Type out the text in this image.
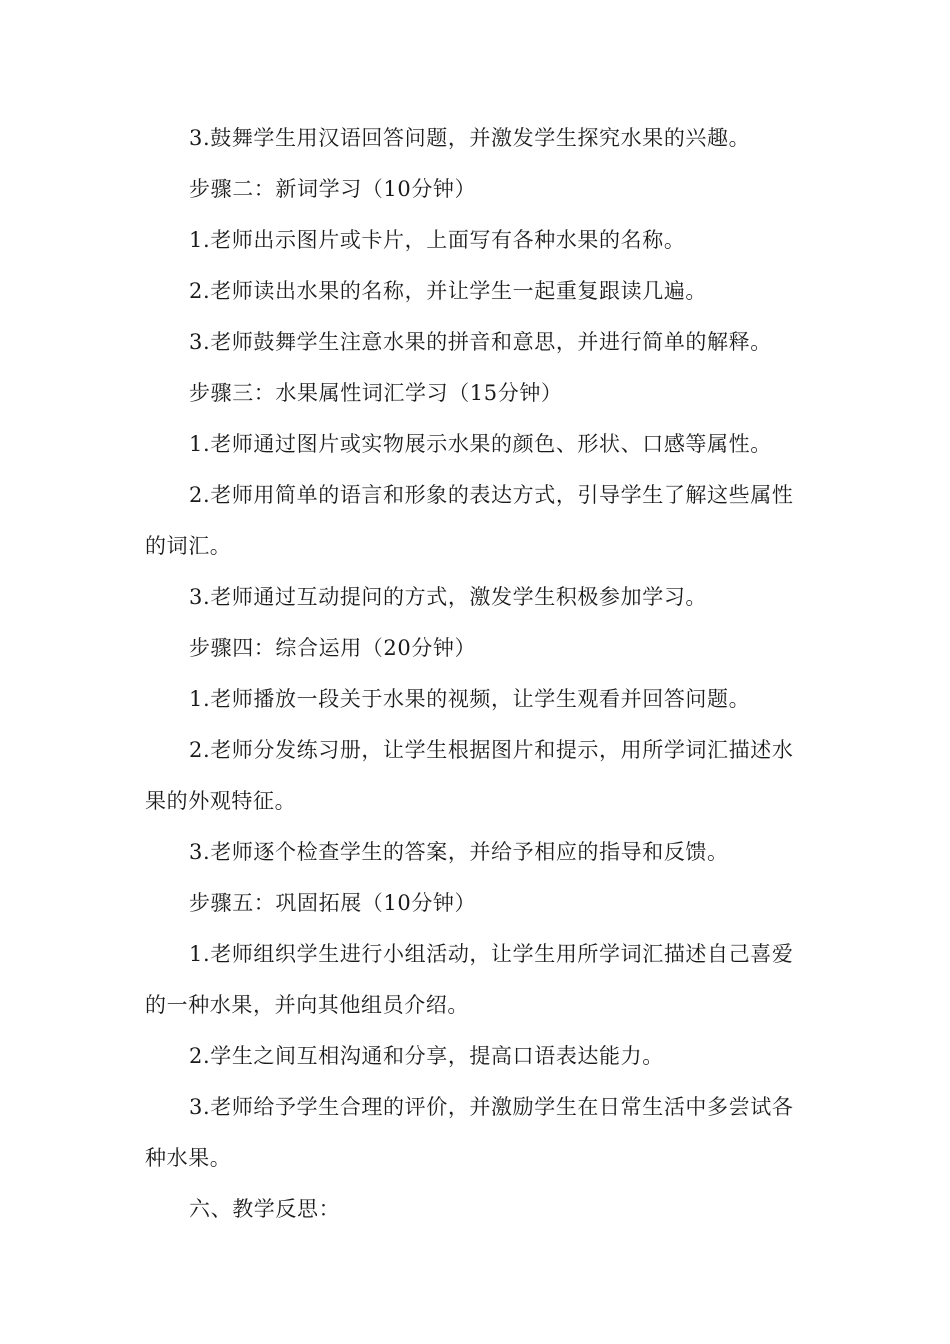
3.鼓舞学生用汉语回答问题，并激发学生探究水果的兴趣。

步骤二：新词学习（10分钟）

1.老师出示图片或卡片，上面写有各种水果的名称。

2.老师读出水果的名称，并让学生一起重复跟读几遍。

3.老师鼓舞学生注意水果的拼音和意思，并进行简单的解释。

步骤三：水果属性词汇学习（15分钟）

1.老师通过图片或实物展示水果的颜色、形状、口感等属性。

2.老师用简单的语言和形象的表达方式，引导学生了解这些属性的词汇。

3.老师通过互动提问的方式，激发学生积极参加学习。

步骤四：综合运用（20分钟）

1.老师播放一段关于水果的视频，让学生观看并回答问题。

2.老师分发练习册，让学生根据图片和提示，用所学词汇描述水果的外观特征。

3.老师逐个检查学生的答案，并给予相应的指导和反馈。

步骤五：巩固拓展（10分钟）

1.老师组织学生进行小组活动，让学生用所学词汇描述自己喜爱的一种水果，并向其他组员介绍。

2.学生之间互相沟通和分享，提高口语表达能力。

3.老师给予学生合理的评价，并激励学生在日常生活中多尝试各种水果。

六、教学反思：
